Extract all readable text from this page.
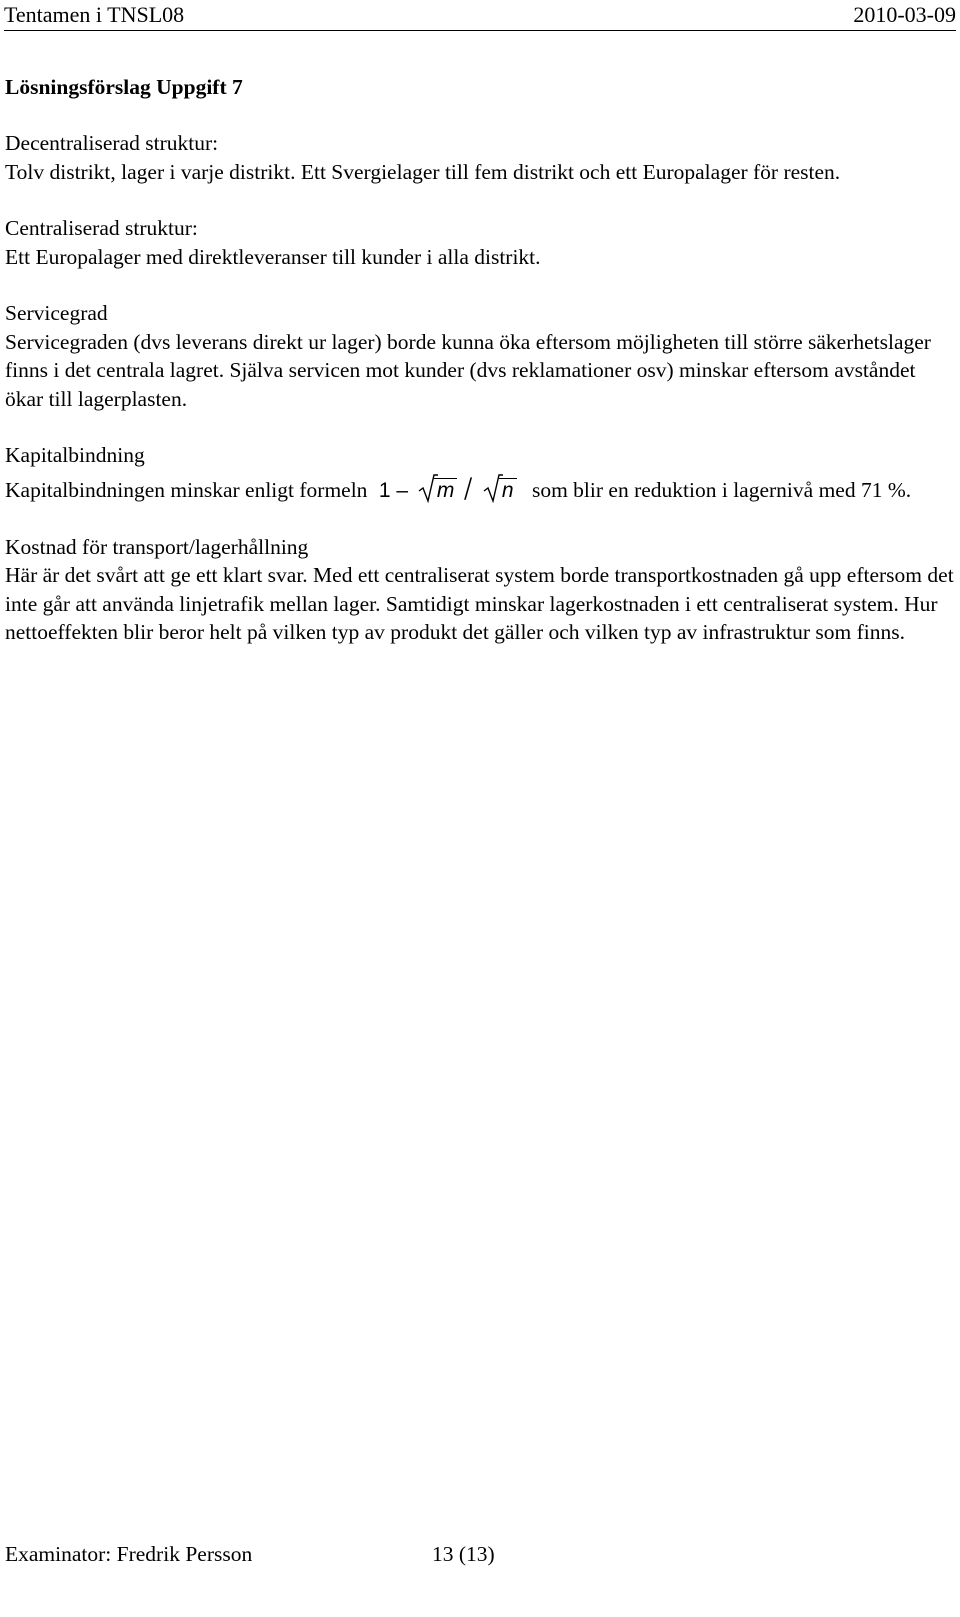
Tentamen i TNSL08	2010-03-09

Lösningsförslag Uppgift 7

Decentraliserad struktur:

Tolv distrikt, lager i varje distrikt. Ett Svergielager till fem distrikt och ett Europalager för resten.

Centraliserad struktur:

Ett Europalager med direktleveranser till kunder i alla distrikt.

Servicegrad

Servicegraden (dvs leverans direkt ur lager) borde kunna öka eftersom möjligheten till större säkerhetslager finns i det centrala lagret. Själva servicen mot kunder (dvs reklamationer osv) minskar eftersom avståndet ökar till lagerplasten.

Kapitalbindning

Kapitalbindningen minskar enligt formeln 1 – m / n som blir en reduktion i lagernivå med 71 %.

Kostnad för transport/lagerhållning

Här är det svårt att ge ett klart svar. Med ett centraliserat system borde transportkostnaden gå upp eftersom det inte går att använda linjetrafik mellan lager. Samtidigt minskar lagerkostnaden i ett centraliserat system. Hur nettoeffekten blir beror helt på vilken typ av produkt det gäller och vilken typ av infrastruktur som finns.

Examinator: Fredrik Persson	13 (13)
